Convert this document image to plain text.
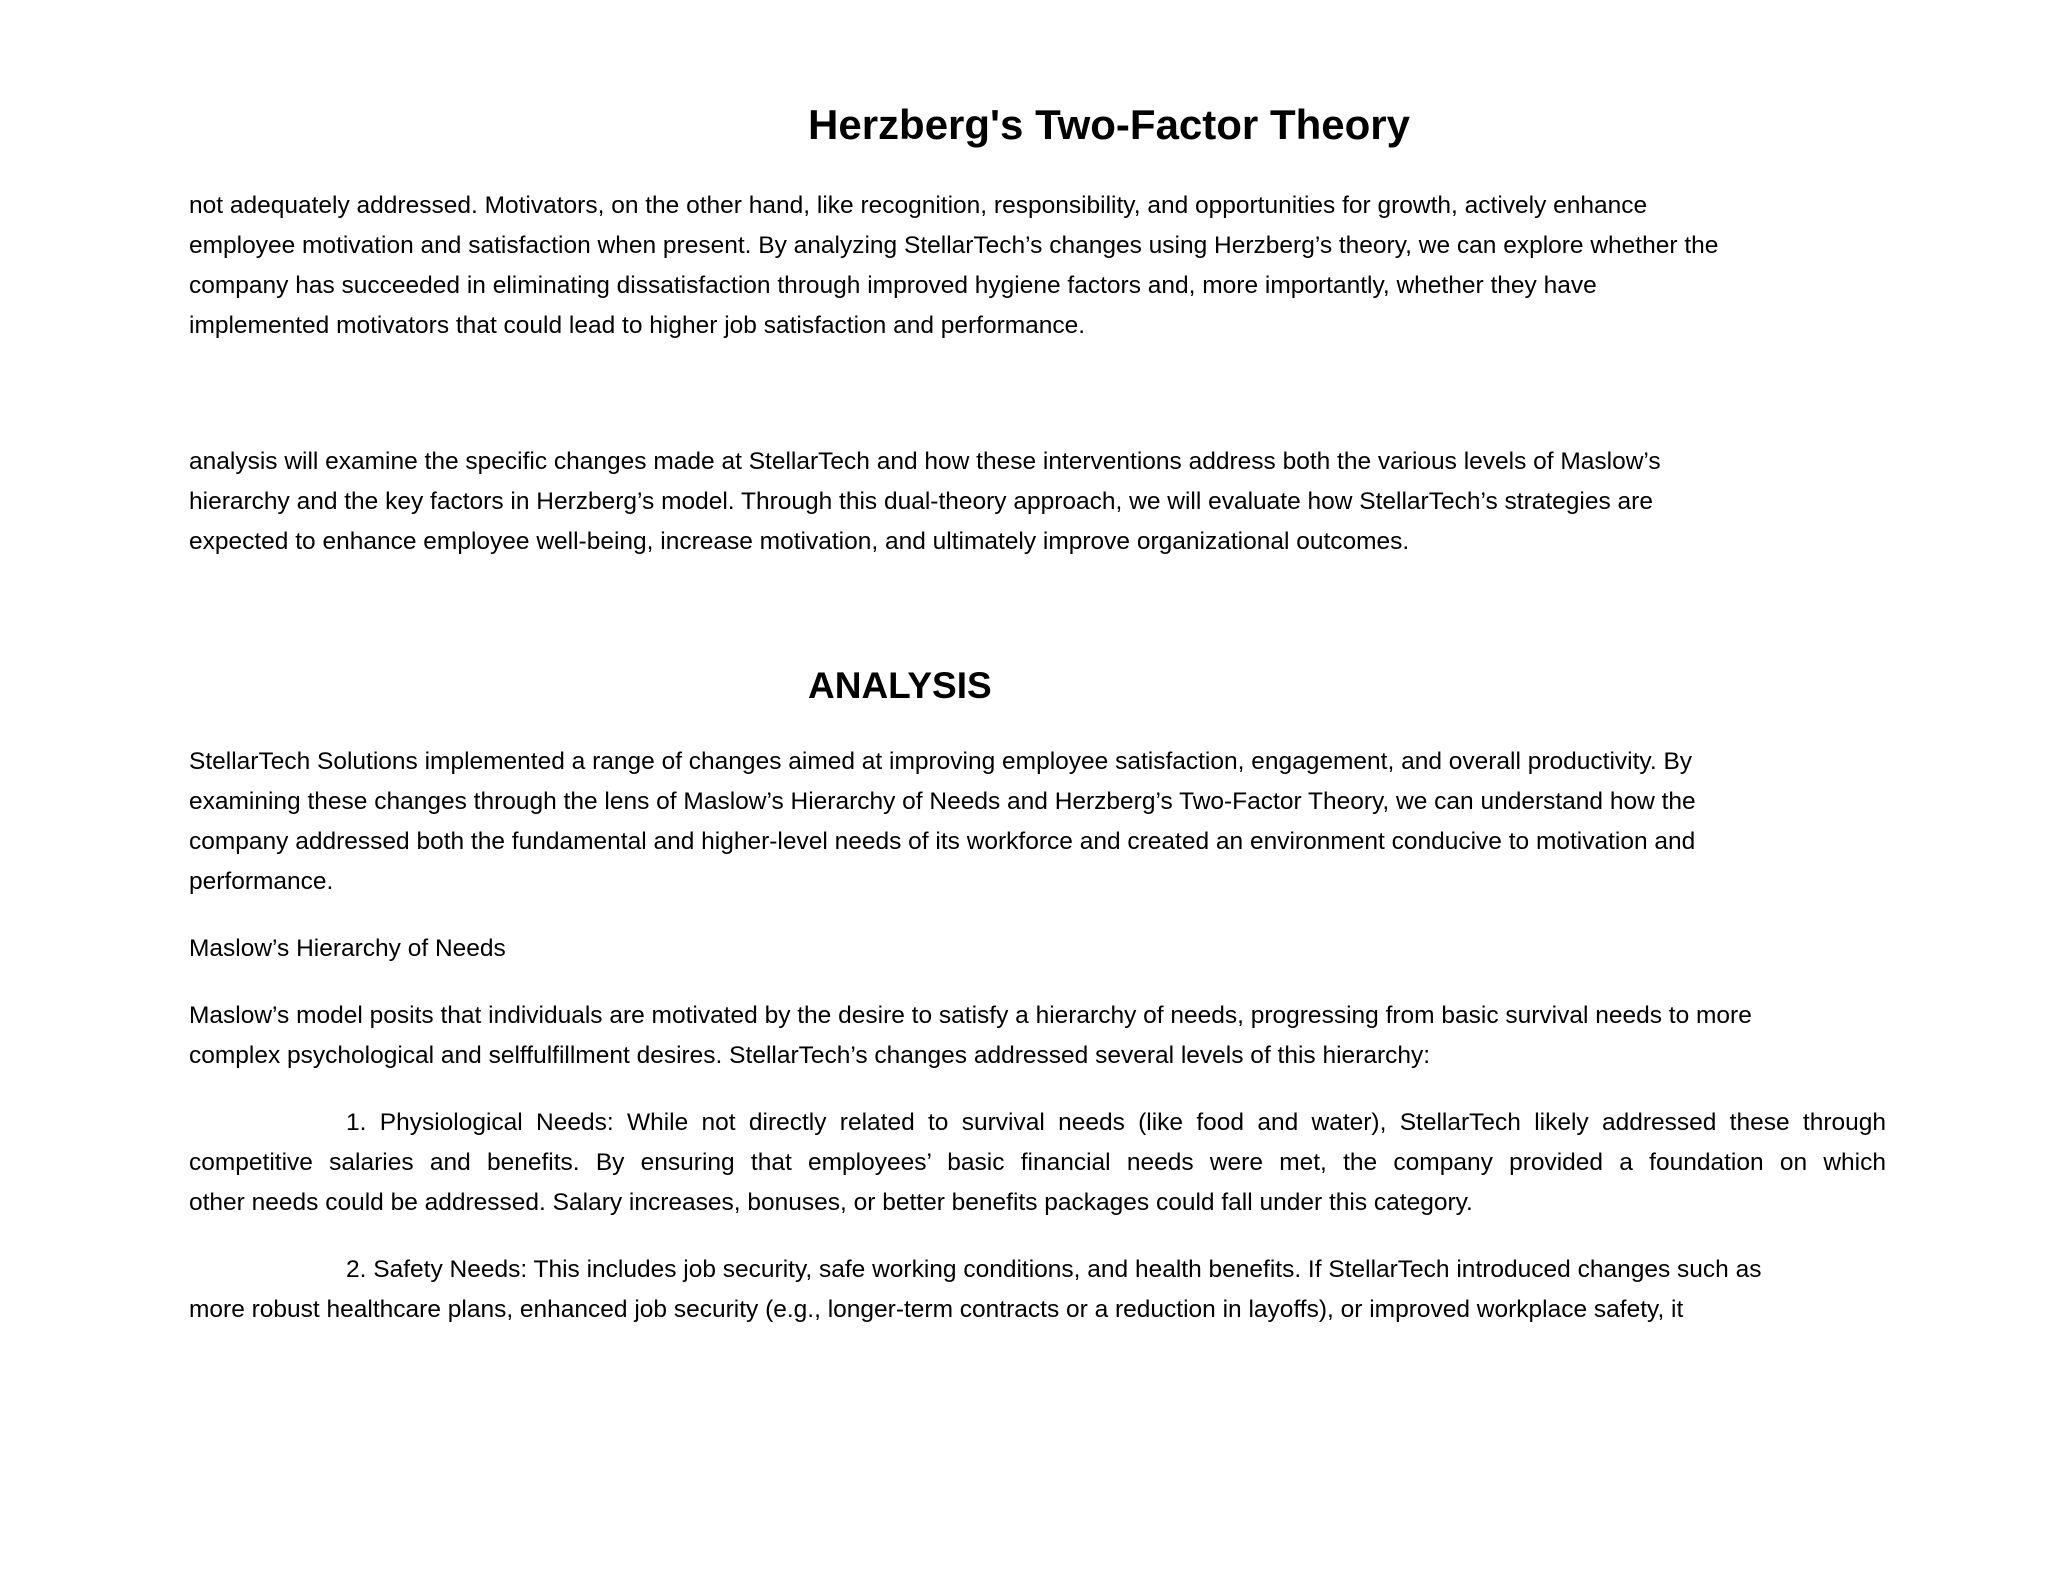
Herzberg's Two-Factor Theory
not adequately addressed. Motivators, on the other hand, like recognition, responsibility, and opportunities for growth, actively enhance
employee motivation and satisfaction when present. By analyzing StellarTech’s changes using Herzberg’s theory, we can explore whether the
company has succeeded in eliminating dissatisfaction through improved hygiene factors and, more importantly, whether they have
implemented motivators that could lead to higher job satisfaction and performance.
analysis will examine the specific changes made at StellarTech and how these interventions address both the various levels of Maslow’s
hierarchy and the key factors in Herzberg’s model. Through this dual-theory approach, we will evaluate how StellarTech’s strategies are
expected to enhance employee well-being, increase motivation, and ultimately improve organizational outcomes.
ANALYSIS
StellarTech Solutions implemented a range of changes aimed at improving employee satisfaction, engagement, and overall productivity. By
examining these changes through the lens of Maslow’s Hierarchy of Needs and Herzberg’s Two-Factor Theory, we can understand how the
company addressed both the fundamental and higher-level needs of its workforce and created an environment conducive to motivation and
performance.
Maslow’s Hierarchy of Needs
Maslow’s model posits that individuals are motivated by the desire to satisfy a hierarchy of needs, progressing from basic survival needs to more
complex psychological and selffulfillment desires. StellarTech’s changes addressed several levels of this hierarchy:
1. Physiological Needs: While not directly related to survival needs (like food and water), StellarTech likely addressed these through
competitive salaries and benefits. By ensuring that employees’ basic financial needs were met, the company provided a foundation on which
other needs could be addressed. Salary increases, bonuses, or better benefits packages could fall under this category.
2. Safety Needs: This includes job security, safe working conditions, and health benefits. If StellarTech introduced changes such as
more robust healthcare plans, enhanced job security (e.g., longer-term contracts or a reduction in layoffs), or improved workplace safety, it
